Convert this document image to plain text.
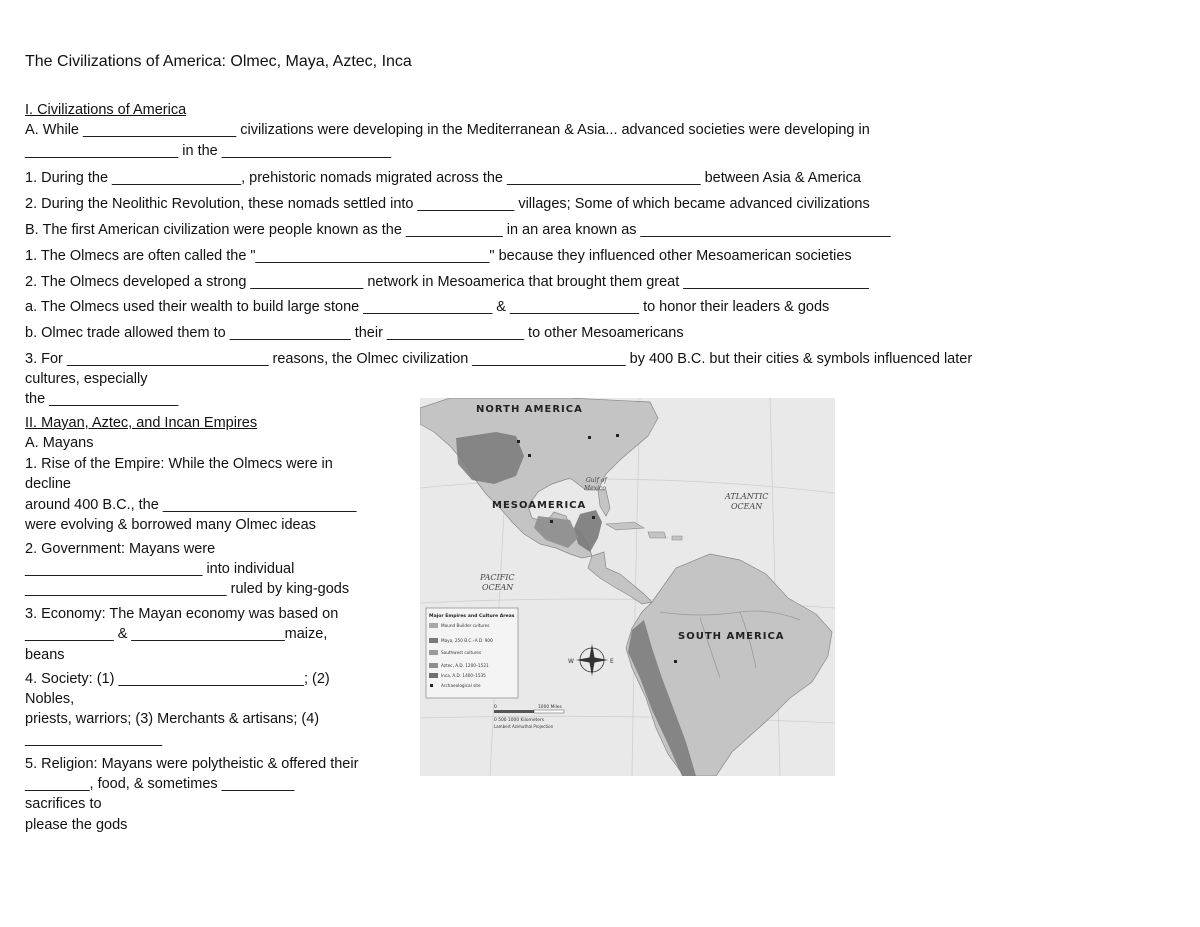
The Civilizations of America: Olmec, Maya, Aztec, Inca
I. Civilizations of America
A. While ___________________ civilizations were developing in the Mediterranean & Asia... advanced societies were developing in
___________________ in the _____________________
1. During the ________________, prehistoric nomads migrated across the ________________________ between Asia & America
2. During the Neolithic Revolution, these nomads settled into ____________ villages; Some of which became advanced civilizations
B. The first American civilization were people known as the ____________ in an area known as _______________________________
1. The Olmecs are often called the "_____________________________" because they influenced other Mesoamerican societies
2. The Olmecs developed a strong ______________ network in Mesoamerica that brought them great _______________________
a. The Olmecs used their wealth to build large stone ________________ & ________________ to honor their leaders & gods
b. Olmec trade allowed them to _______________ their _________________ to other Mesoamericans
3. For _________________________ reasons, the Olmec civilization ___________________ by 400 B.C. but their cities & symbols influenced later
cultures, especially
the ________________
II. Mayan, Aztec, and Incan Empires
A. Mayans
1. Rise of the Empire: While the Olmecs were in
decline
around 400 B.C., the ________________________
were evolving & borrowed many Olmec ideas
2. Government: Mayans were
______________________ into individual
_________________________ ruled by king-gods
3. Economy: The Mayan economy was based on
___________ & ___________________maize,
beans
4. Society: (1) _______________________; (2)
Nobles,
priests, warriors; (3) Merchants & artisans; (4)
_________________
5. Religion: Mayans were polytheistic & offered their
________, food, & sometimes _________
sacrifices to
please the gods
W	E
Major Empires and Culture Areas
Mound Builder cultures
Maya, 250 B.C.–A.D. 900
Southwest cultures
Aztec, A.D. 1200–1521
Inca, A.D. 1400–1535
Archaeological site
0	1000 Miles
0 500 1000 Kilometers
Lambert Azimuthal Projection
NORTH AMERICA
MESOAMERICA
SOUTH AMERICA
ATLANTIC
OCEAN
PACIFIC
OCEAN
Gulf of
Mexico
